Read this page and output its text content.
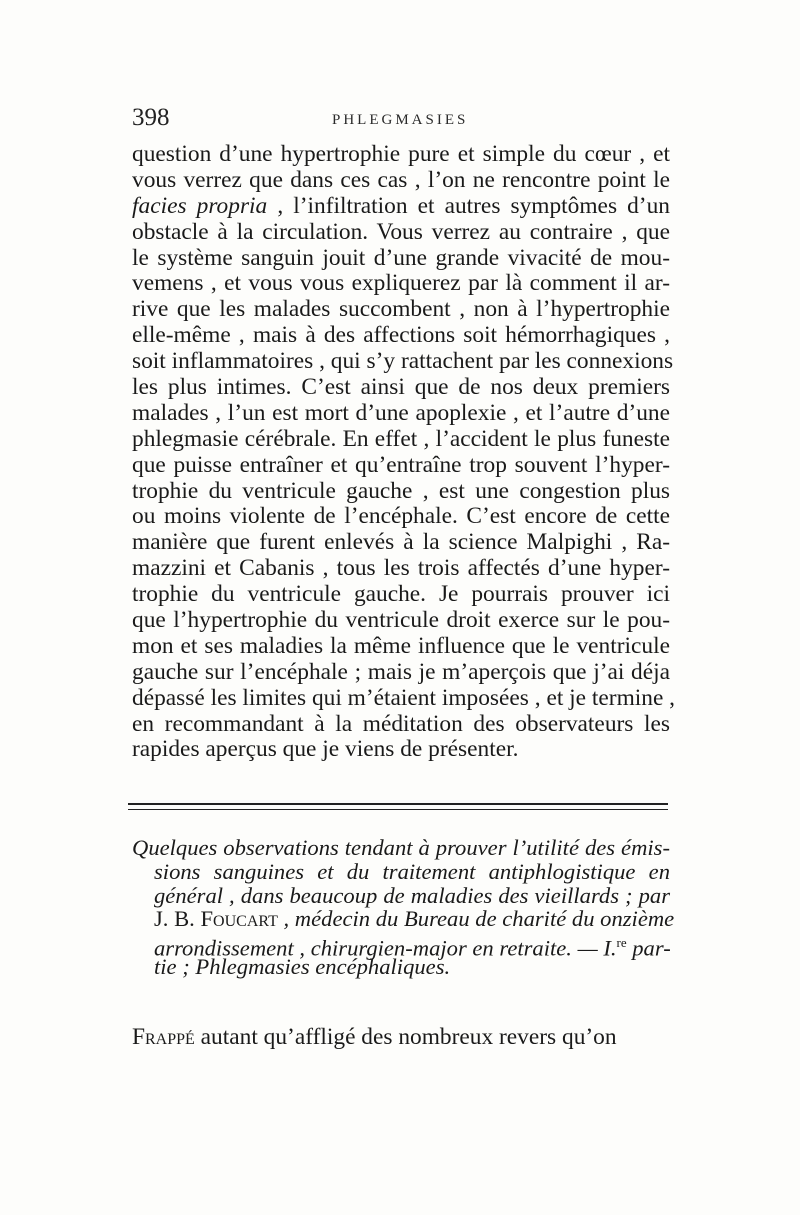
398	PHLEGMASIES
question d’une hypertrophie pure et simple du cœur , et
vous verrez que dans ces cas , l’on ne rencontre point le
facies propria , l’infiltration et autres symptômes d’un
obstacle à la circulation. Vous verrez au contraire , que
le système sanguin jouit d’une grande vivacité de mou-
vemens , et vous vous expliquerez par là comment il ar-
rive que les malades succombent , non à l’hypertrophie
elle-même , mais à des affections soit hémorrhagiques ,
soit inflammatoires , qui s’y rattachent par les connexions
les plus intimes. C’est ainsi que de nos deux premiers
malades , l’un est mort d’une apoplexie , et l’autre d’une
phlegmasie cérébrale. En effet , l’accident le plus funeste
que puisse entraîner et qu’entraîne trop souvent l’hyper-
trophie du ventricule gauche , est une congestion plus
ou moins violente de l’encéphale. C’est encore de cette
manière que furent enlevés à la science Malpighi , Ra-
mazzini et Cabanis , tous les trois affectés d’une hyper-
trophie du ventricule gauche. Je pourrais prouver ici
que l’hypertrophie du ventricule droit exerce sur le pou-
mon et ses maladies la même influence que le ventricule
gauche sur l’encéphale ; mais je m’aperçois que j’ai déja
dépassé les limites qui m’étaient imposées , et je termine ,
en recommandant à la méditation des observateurs les
rapides aperçus que je viens de présenter.
Quelques observations tendant à prouver l’utilité des émis-
sions sanguines et du traitement antiphlogistique en
général , dans beaucoup de maladies des vieillards ; par
J. B. Foucart , médecin du Bureau de charité du onzième
arrondissement , chirurgien-major en retraite. — I.$^{re}$ par-
tie ; Phlegmasies encéphaliques.
Frappé autant qu’affligé des nombreux revers qu’on
